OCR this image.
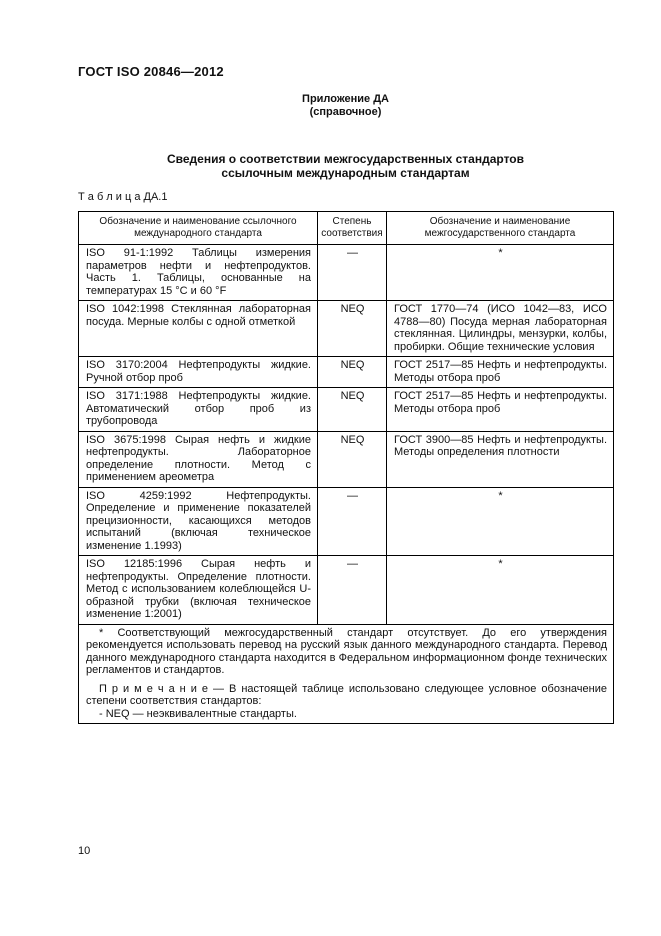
ГОСТ ISO 20846—2012
Приложение ДА
(справочное)
Сведения о соответствии межгосударственных стандартов
ссылочным международным стандартам
Т а б л и ц а ДА.1
Обозначение и наименование ссылочного международного стандарта	Степень соответствия	Обозначение и наименование межгосударственного стандарта
ISO 91-1:1992 Таблицы измерения параметров нефти и нефтепродуктов. Часть 1. Таблицы, основанные на температурах 15 °C и 60 °F	—	*
ISO 1042:1998 Стеклянная лабораторная посуда. Мерные колбы с одной отметкой	NEQ	ГОСТ 1770—74 (ИСО 1042—83, ИСО 4788—80) Посуда мерная лабораторная стеклянная. Цилиндры, мензурки, колбы, пробирки. Общие технические условия
ISO 3170:2004 Нефтепродукты жидкие. Ручной отбор проб	NEQ	ГОСТ 2517—85 Нефть и нефтепродукты. Методы отбора проб
ISO 3171:1988 Нефтепродукты жидкие. Автоматический отбор проб из трубопровода	NEQ	ГОСТ 2517—85 Нефть и нефтепродукты. Методы отбора проб
ISO 3675:1998 Сырая нефть и жидкие нефтепродукты. Лабораторное определение плотности. Метод с применением ареометра	NEQ	ГОСТ 3900—85 Нефть и нефтепродукты. Методы определения плотности
ISO 4259:1992 Нефтепродукты. Определение и применение показателей прецизионности, касающихся методов испытаний (включая техническое изменение 1.1993)	—	*
ISO 12185:1996 Сырая нефть и нефтепродукты. Определение плотности. Метод с использованием колеблющейся U-образной трубки (включая техническое изменение 1:2001)	—	*

* Соответствующий межгосударственный стандарт отсутствует. До его утверждения рекомендуется использовать перевод на русский язык данного международного стандарта. Перевод данного международного стандарта находится в Федеральном информационном фонде технических регламентов и стандартов.

П р и м е ч а н и е — В настоящей таблице использовано следующее условное обозначение степени соответствия стандартов:

- NEQ — неэквивалентные стандарты.		

10
